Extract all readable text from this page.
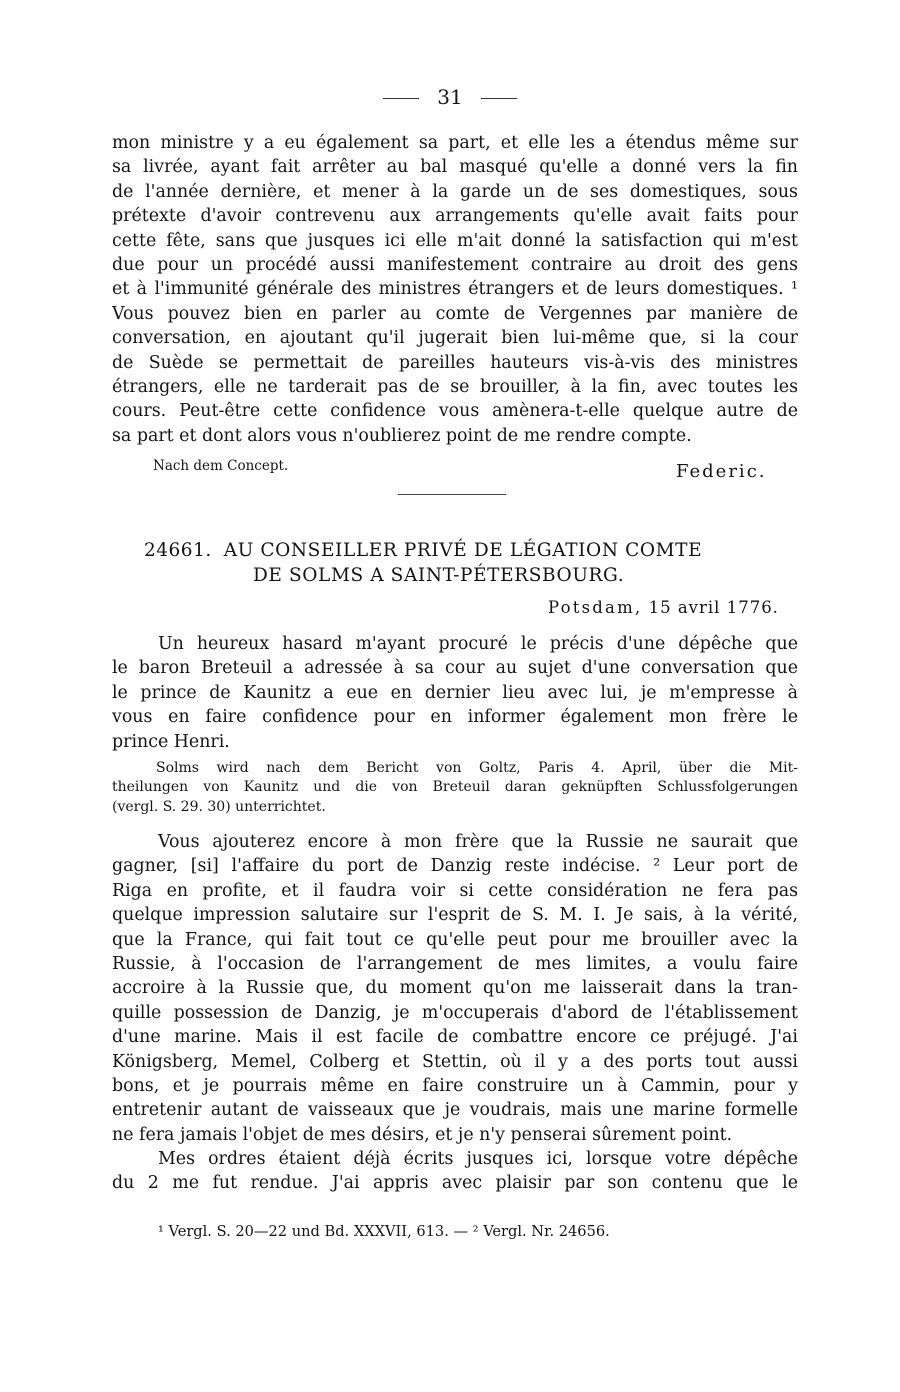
31
mon ministre y a eu également sa part, et elle les a étendus même sur
sa livrée, ayant fait arrêter au bal masqué qu'elle a donné vers la fin
de l'année dernière, et mener à la garde un de ses domestiques, sous
prétexte d'avoir contrevenu aux arrangements qu'elle avait faits pour
cette fête, sans que jusques ici elle m'ait donné la satisfaction qui m'est
due pour un procédé aussi manifestement contraire au droit des gens
et à l'immunité générale des ministres étrangers et de leurs domestiques. ¹
Vous pouvez bien en parler au comte de Vergennes par manière de
conversation, en ajoutant qu'il jugerait bien lui-même que, si la cour
de Suède se permettait de pareilles hauteurs vis-à-vis des ministres
étrangers, elle ne tarderait pas de se brouiller, à la fin, avec toutes les
cours. Peut-être cette confidence vous amènera-t-elle quelque autre de
sa part et dont alors vous n'oublierez point de me rendre compte.
Nach dem Concept.	Federic.
24661. AU CONSEILLER PRIVÉ DE LÉGATION COMTE
DE SOLMS A SAINT-PÉTERSBOURG.
Potsdam, 15 avril 1776.
Un heureux hasard m'ayant procuré le précis d'une dépêche que
le baron Breteuil a adressée à sa cour au sujet d'une conversation que
le prince de Kaunitz a eue en dernier lieu avec lui, je m'empresse à
vous en faire confidence pour en informer également mon frère le
prince Henri.
Solms wird nach dem Bericht von Goltz, Paris 4. April, über die Mit-
theilungen von Kaunitz und die von Breteuil daran geknüpften Schlussfolgerungen
(vergl. S. 29. 30) unterrichtet.
Vous ajouterez encore à mon frère que la Russie ne saurait que
gagner, [si] l'affaire du port de Danzig reste indécise. ² Leur port de
Riga en profite, et il faudra voir si cette considération ne fera pas
quelque impression salutaire sur l'esprit de S. M. I. Je sais, à la vérité,
que la France, qui fait tout ce qu'elle peut pour me brouiller avec la
Russie, à l'occasion de l'arrangement de mes limites, a voulu faire
accroire à la Russie que, du moment qu'on me laisserait dans la tran-
quille possession de Danzig, je m'occuperais d'abord de l'établissement
d'une marine. Mais il est facile de combattre encore ce préjugé. J'ai
Königsberg, Memel, Colberg et Stettin, où il y a des ports tout aussi
bons, et je pourrais même en faire construire un à Cammin, pour y
entretenir autant de vaisseaux que je voudrais, mais une marine formelle
ne fera jamais l'objet de mes désirs, et je n'y penserai sûrement point.
Mes ordres étaient déjà écrits jusques ici, lorsque votre dépêche
du 2 me fut rendue. J'ai appris avec plaisir par son contenu que le
¹ Vergl. S. 20—22 und Bd. XXXVII, 613. — ² Vergl. Nr. 24656.
